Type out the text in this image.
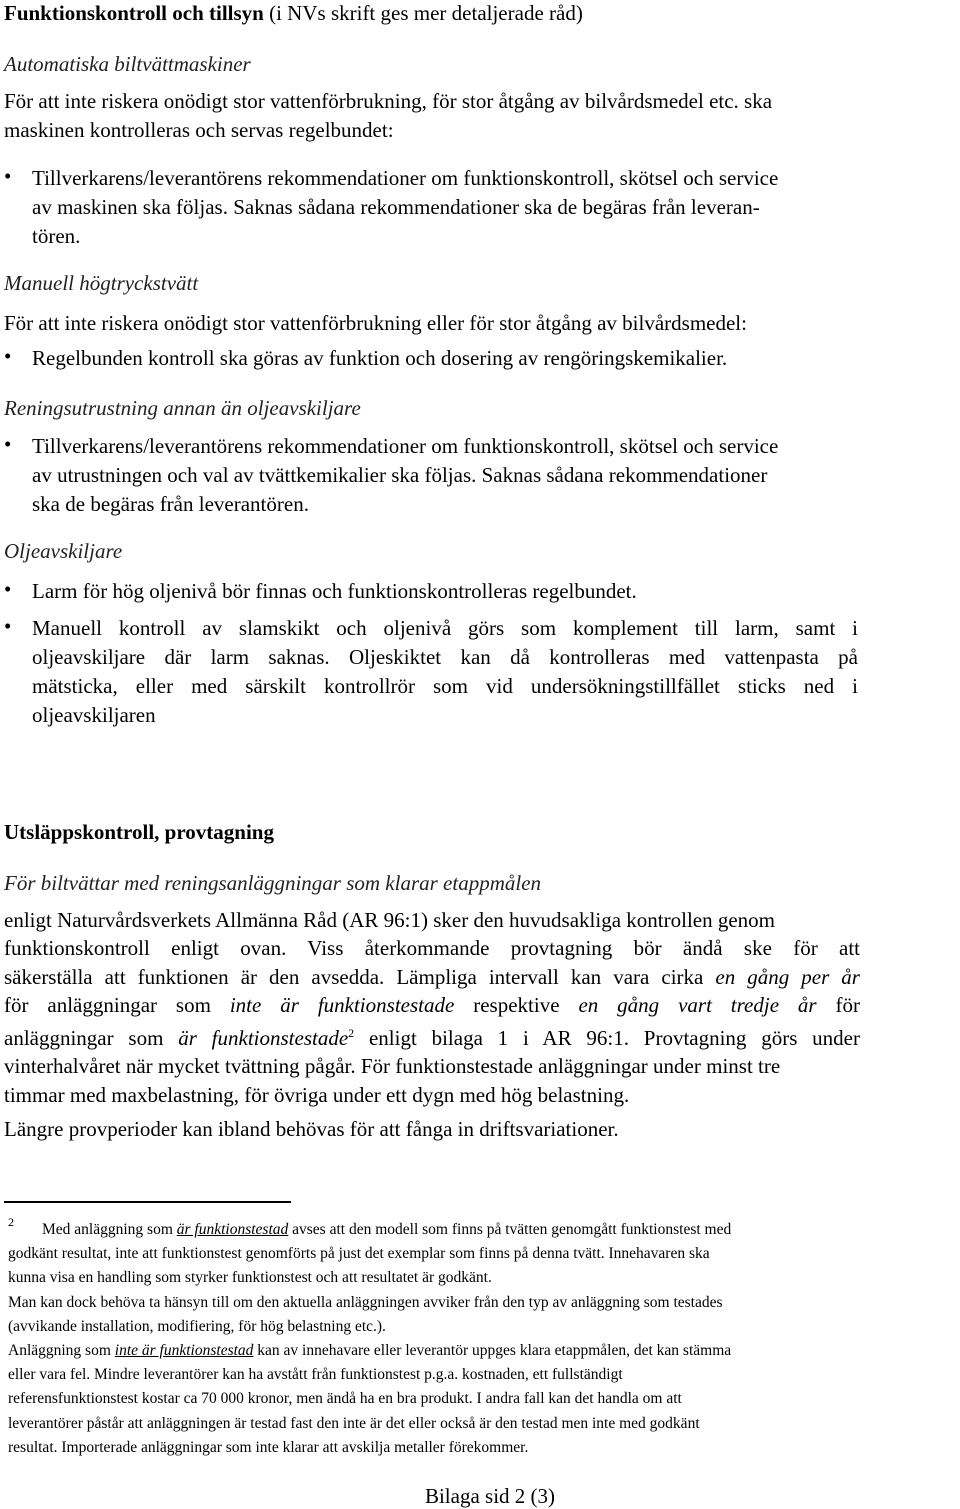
Funktionskontroll och tillsyn (i NVs skrift ges mer detaljerade råd)
Automatiska biltvättmaskiner
För att inte riskera onödigt stor vattenförbrukning, för stor åtgång av bilvårdsmedel etc. ska
maskinen kontrolleras och servas regelbundet:
• Tillverkarens/leverantörens rekommendationer om funktionskontroll, skötsel och service
av maskinen ska följas. Saknas sådana rekommendationer ska de begäras från leveran-
tören.
Manuell högtryckstvätt
För att inte riskera onödigt stor vattenförbrukning eller för stor åtgång av bilvårdsmedel:
• Regelbunden kontroll ska göras av funktion och dosering av rengöringskemikalier.
Reningsutrustning annan än oljeavskiljare
• Tillverkarens/leverantörens rekommendationer om funktionskontroll, skötsel och service
av utrustningen och val av tvättkemikalier ska följas. Saknas sådana rekommendationer
ska de begäras från leverantören.
Oljeavskiljare
• Larm för hög oljenivå bör finnas och funktionskontrolleras regelbundet.
• Manuell kontroll av slamskikt och oljenivå görs som komplement till larm, samt i
oljeavskiljare där larm saknas. Oljeskiktet kan då kontrolleras med vattenpasta på
mätsticka, eller med särskilt kontrollrör som vid undersökningstillfället sticks ned i
oljeavskiljaren
Utsläppskontroll, provtagning
För biltvättar med reningsanläggningar som klarar etappmålen
enligt Naturvårdsverkets Allmänna Råd (AR 96:1) sker den huvudsakliga kontrollen genom
funktionskontroll enligt ovan. Viss återkommande provtagning bör ändå ske för att
säkerställa att funktionen är den avsedda. Lämpliga intervall kan vara cirka en gång per år
för anläggningar som inte är funktionstestade respektive en gång vart tredje år för
anläggningar som är funktionstestade$^2$ enligt bilaga 1 i AR 96:1. Provtagning görs under
vinterhalvåret när mycket tvättning pågår. För funktionstestade anläggningar under minst tre
timmar med maxbelastning, för övriga under ett dygn med hög belastning.
Längre provperioder kan ibland behövas för att fånga in driftsvariationer.
2	Med anläggning som är funktionstestad avses att den modell som finns på tvätten genomgått funktionstest med
godkänt resultat, inte att funktionstest genomförts på just det exemplar som finns på denna tvätt. Innehavaren ska
kunna visa en handling som styrker funktionstest och att resultatet är godkänt.
Man kan dock behöva ta hänsyn till om den aktuella anläggningen avviker från den typ av anläggning som testades
(avvikande installation, modifiering, för hög belastning etc.).
Anläggning som inte är funktionstestad kan av innehavare eller leverantör uppges klara etappmålen, det kan stämma
eller vara fel. Mindre leverantörer kan ha avstått från funktionstest p.g.a. kostnaden, ett fullständigt
referensfunktionstest kostar ca 70 000 kronor, men ändå ha en bra produkt. I andra fall kan det handla om att
leverantörer påstår att anläggningen är testad fast den inte är det eller också är den testad men inte med godkänt
resultat. Importerade anläggningar som inte klarar att avskilja metaller förekommer.
Bilaga sid 2 (3)
